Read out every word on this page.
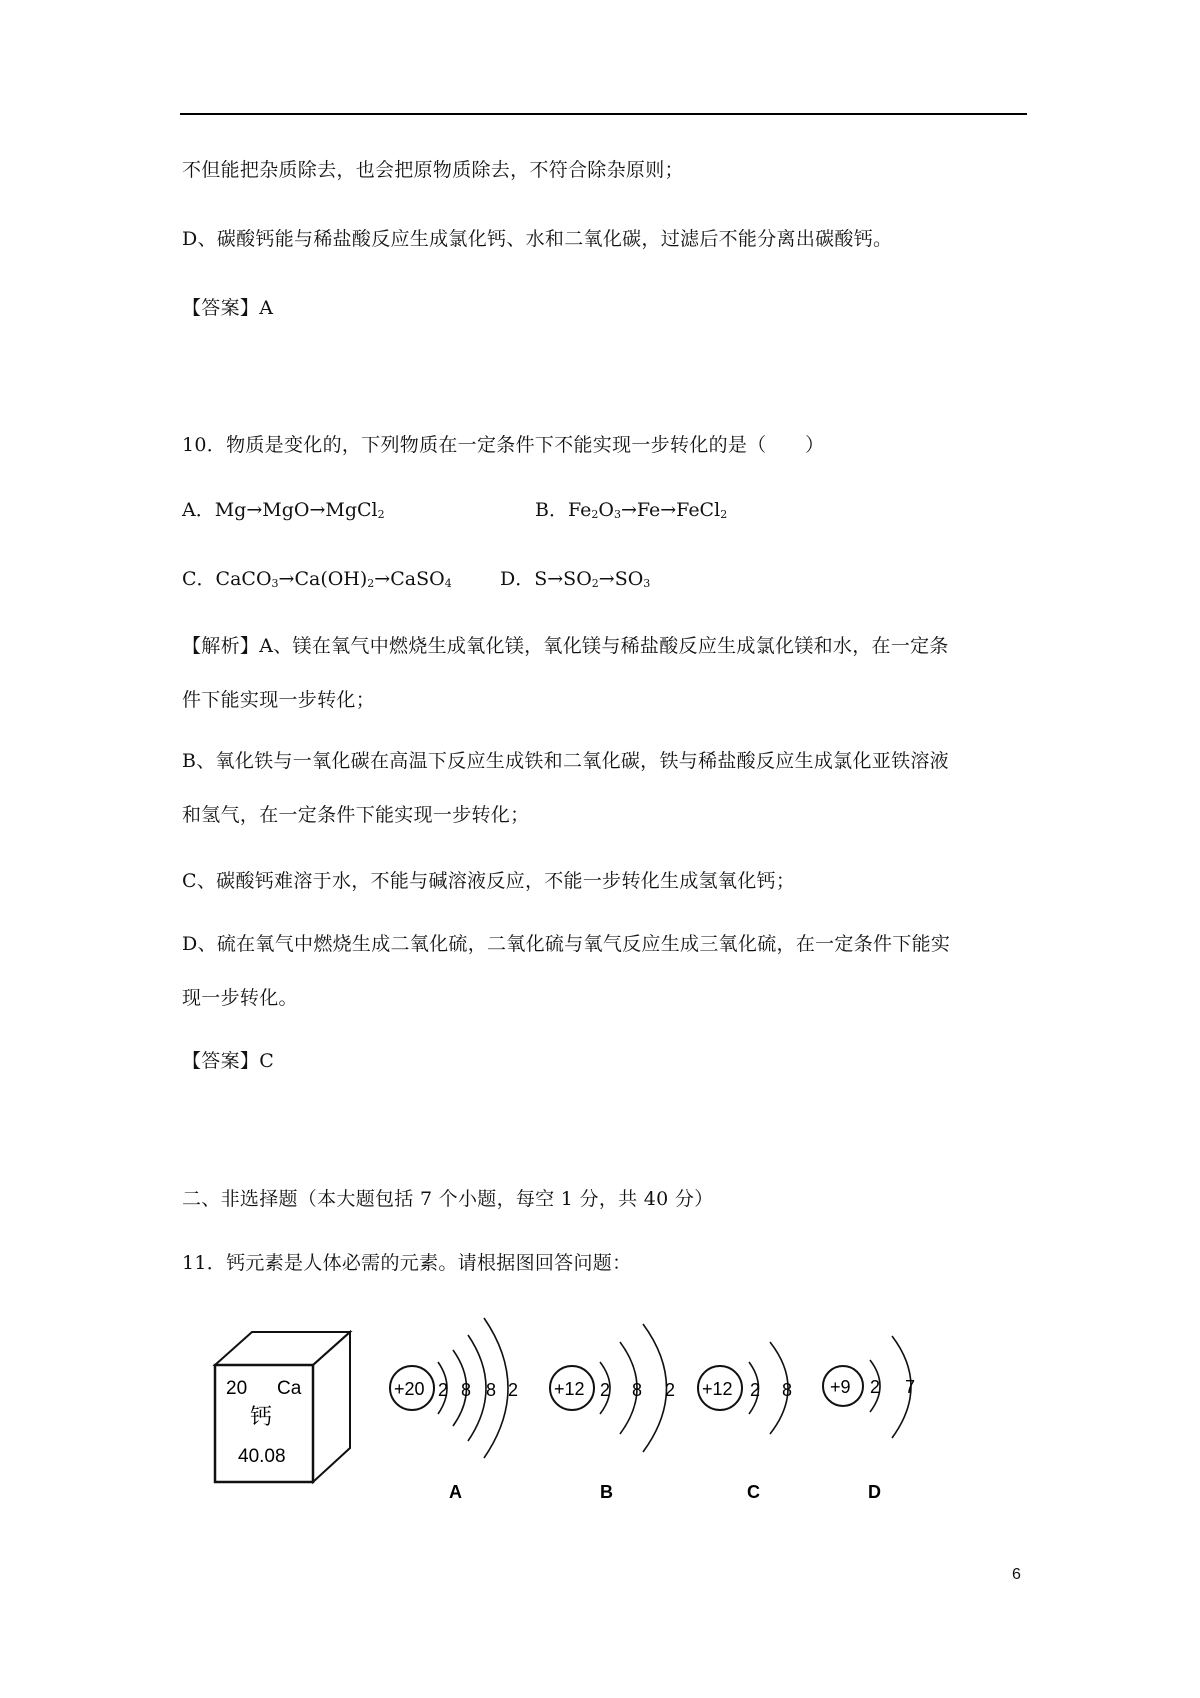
不但能把杂质除去，也会把原物质除去，不符合除杂原则；
D、碳酸钙能与稀盐酸反应生成氯化钙、水和二氧化碳，过滤后不能分离出碳酸钙。
【答案】A
10．物质是变化的，下列物质在一定条件下不能实现一步转化的是（　　）
A．Mg→MgO→MgCl$_2$	B．$Fe_2O_3\to Fe\to FeCl_2$
C．$CaCO_3\to Ca(OH)_2\to CaSO_4$	D．$S\to SO_2\to SO_3$
【解析】A、镁在氧气中燃烧生成氧化镁，氧化镁与稀盐酸反应生成氯化镁和水，在一定条
件下能实现一步转化；
B、氧化铁与一氧化碳在高温下反应生成铁和二氧化碳，铁与稀盐酸反应生成氯化亚铁溶液
和氢气，在一定条件下能实现一步转化；
C、碳酸钙难溶于水，不能与碱溶液反应，不能一步转化生成氢氧化钙；
D、硫在氧气中燃烧生成二氧化硫，二氧化硫与氧气反应生成三氧化硫，在一定条件下能实
现一步转化。
【答案】C
二、非选择题（本大题包括 7 个小题，每空 1 分，共 40 分）
11．钙元素是人体必需的元素。请根据图回答问题：
20 Ca
钙
40.08
+20 2 8 8 2
A
+12 2 8 2
B
+12 2 8
C
+9 2 7
D
6
